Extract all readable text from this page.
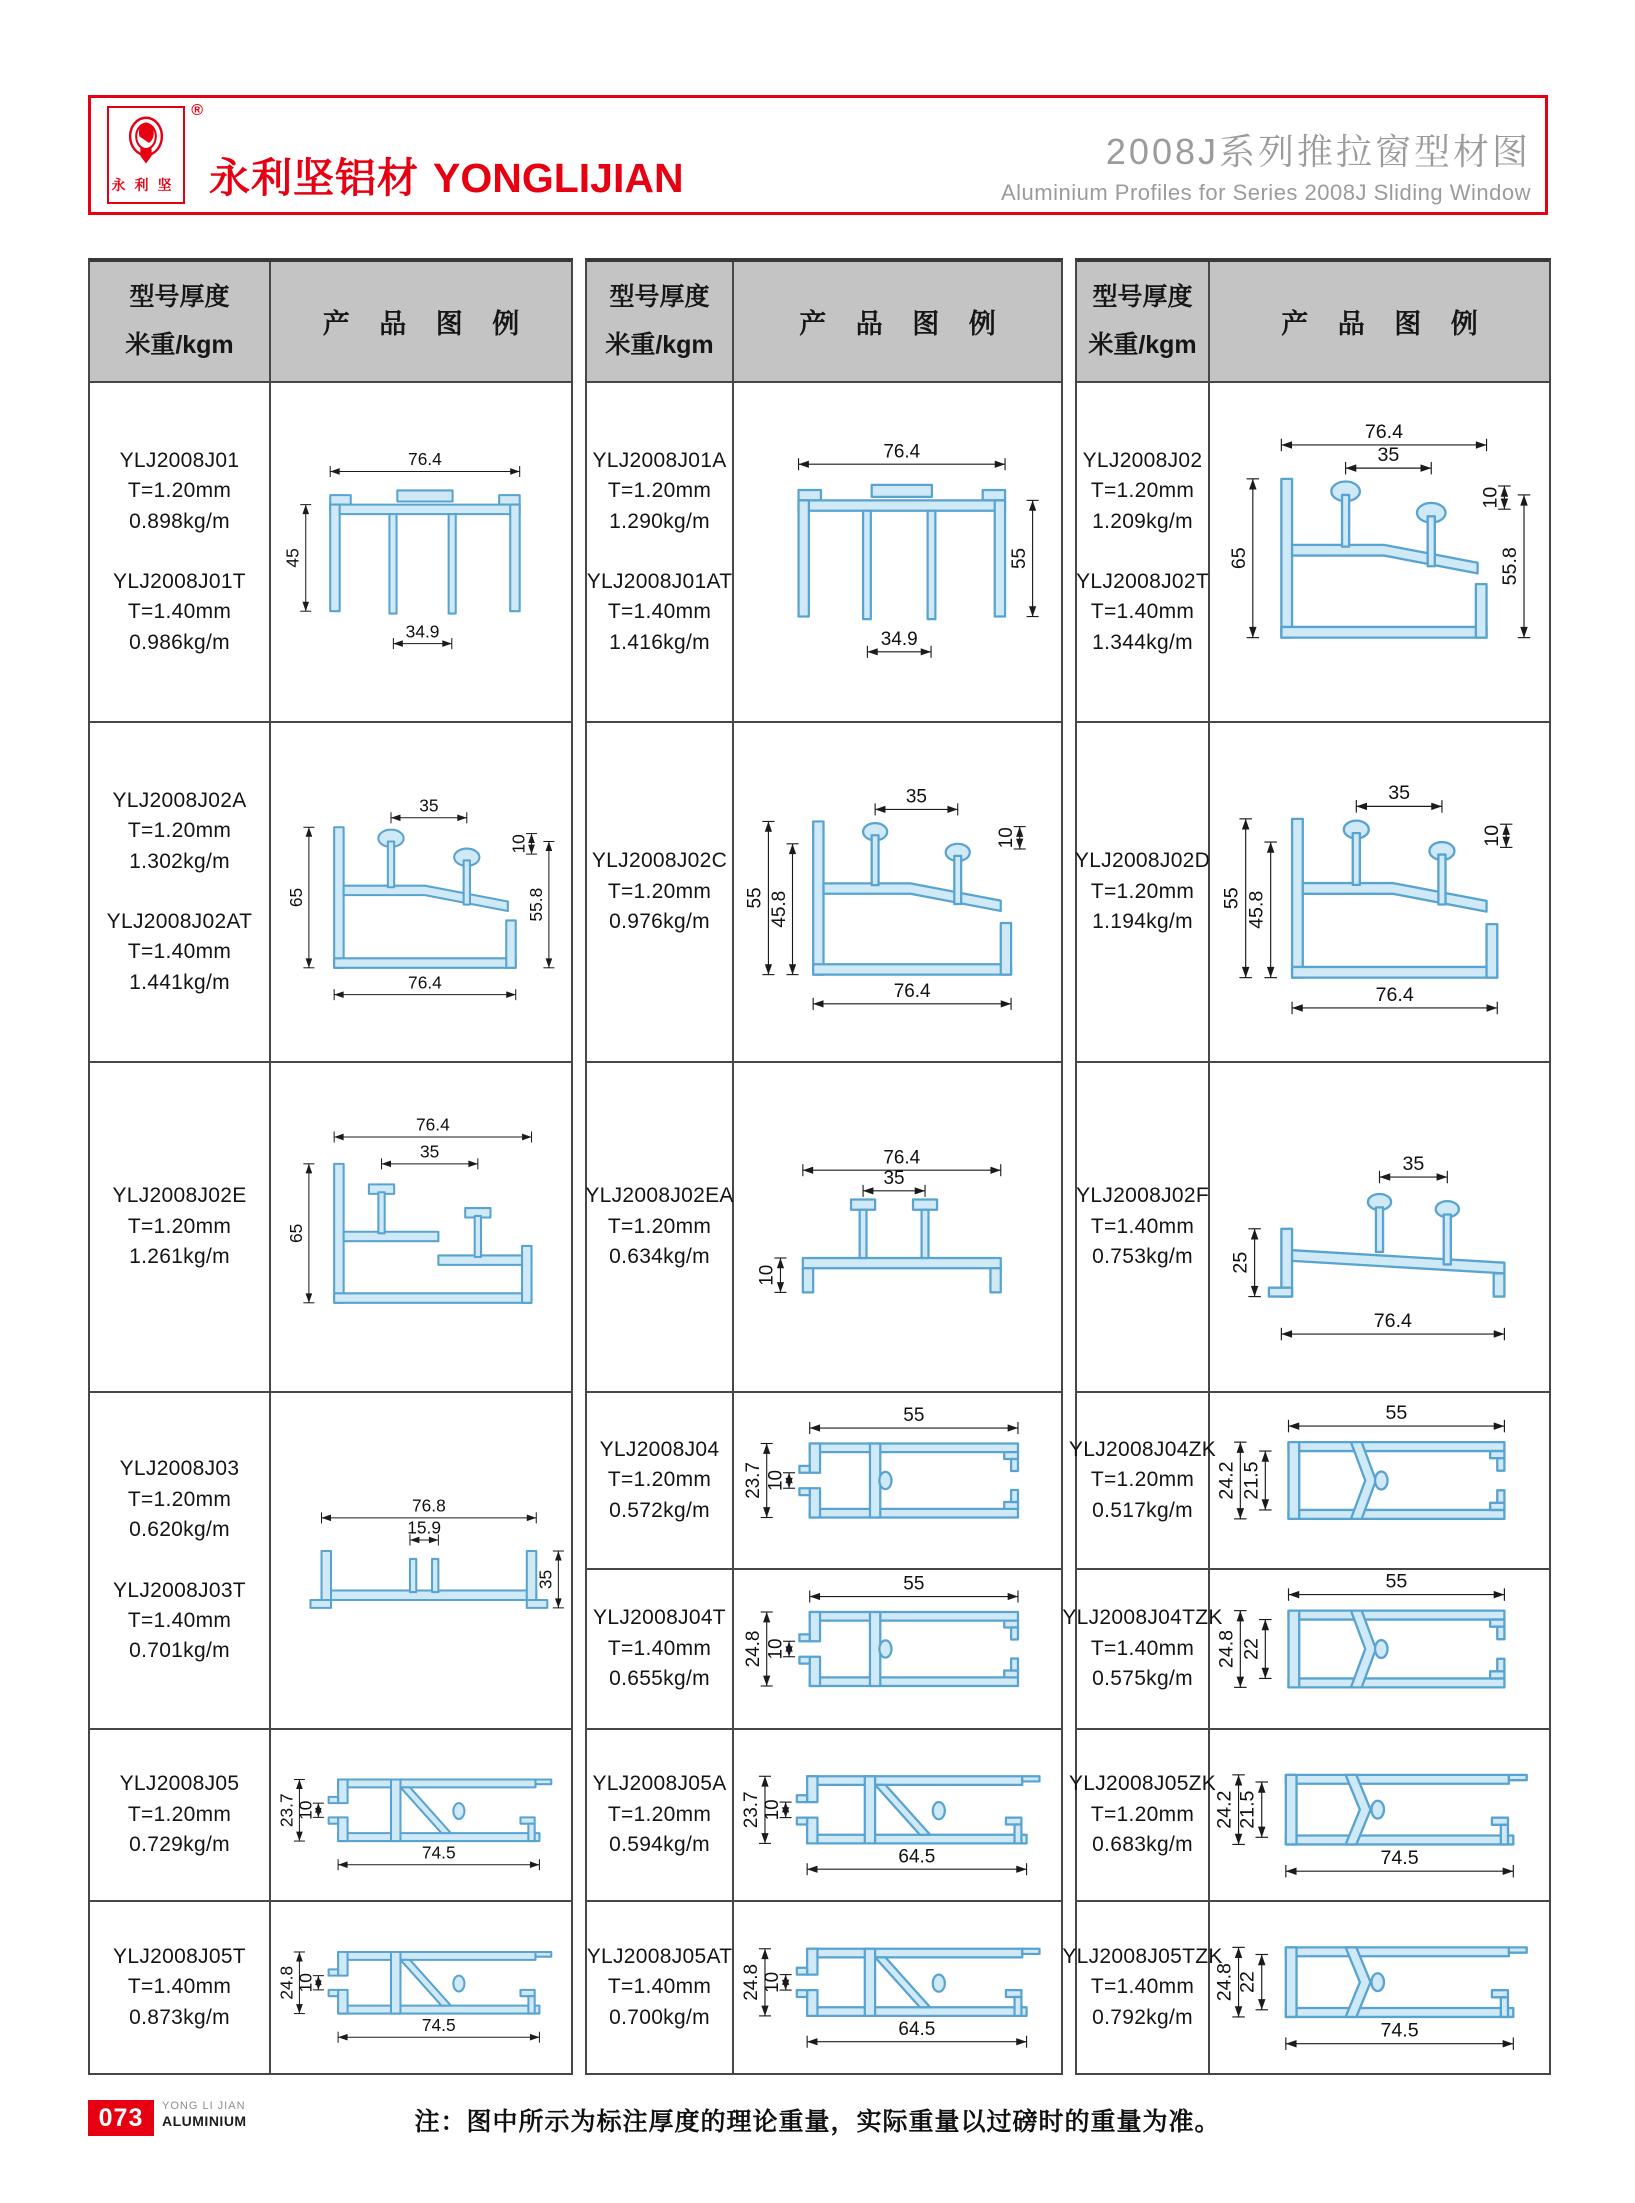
®
永利坚 永利坚铝材 YONGLIJIAN
2008J系列推拉窗型材图
Aluminium Profiles for Series 2008J Sliding Window
型号厚度
米重/kgm
产 品 图 例
YLJ2008J01
T=1.20mm
0.898kg/m
YLJ2008J01T
T=1.40mm
0.986kg/m
76.4
45
34.9
YLJ2008J02A
T=1.20mm
1.302kg/m
YLJ2008J02AT
T=1.40mm
1.441kg/m
35
10
65	55.8
76.4
YLJ2008J02E
T=1.20mm
1.261kg/m
76.4
35
65
YLJ2008J03
T=1.20mm
0.620kg/m
YLJ2008J03T
T=1.40mm
0.701kg/m
76.8
15.9
35
YLJ2008J05
T=1.20mm
0.729kg/m
23.7
10
74.5
YLJ2008J05T
T=1.40mm
0.873kg/m
24.8
10
74.5
型号厚度
米重/kgm
产 品 图 例
YLJ2008J01A
T=1.20mm
1.290kg/m
YLJ2008J01AT
T=1.40mm
1.416kg/m
76.4
55
34.9
YLJ2008J02C
T=1.20mm
0.976kg/m
35
10
55 45.8
76.4
YLJ2008J02EA
T=1.20mm
0.634kg/m
76.4
35
10
YLJ2008J04
T=1.20mm
0.572kg/m
55
23.7 10
YLJ2008J04T
T=1.40mm
0.655kg/m
55
24.8 10
YLJ2008J05A
T=1.20mm
0.594kg/m
23.7 10
64.5
YLJ2008J05AT
T=1.40mm
0.700kg/m
24.8 10
64.5
型号厚度
米重/kgm
产 品 图 例
YLJ2008J02
T=1.20mm
1.209kg/m
YLJ2008J02T
T=1.40mm
1.344kg/m
76.4
35
10
65	55.8
YLJ2008J02D
T=1.20mm
1.194kg/m
35
10
55 45.8
76.4
YLJ2008J02F
T=1.40mm
0.753kg/m
35
25
76.4
YLJ2008J04ZK
T=1.20mm
0.517kg/m
55
24.2 21.5
YLJ2008J04TZK
T=1.40mm
0.575kg/m
55
24.8 22
YLJ2008J05ZK
T=1.20mm
0.683kg/m
24.2 21.5
74.5
YLJ2008J05TZK
T=1.40mm
0.792kg/m
24.8 22
74.5
073	YONG LI JIAN
ALUMINIUM	注：图中所示为标注厚度的理论重量，实际重量以过磅时的重量为准。
